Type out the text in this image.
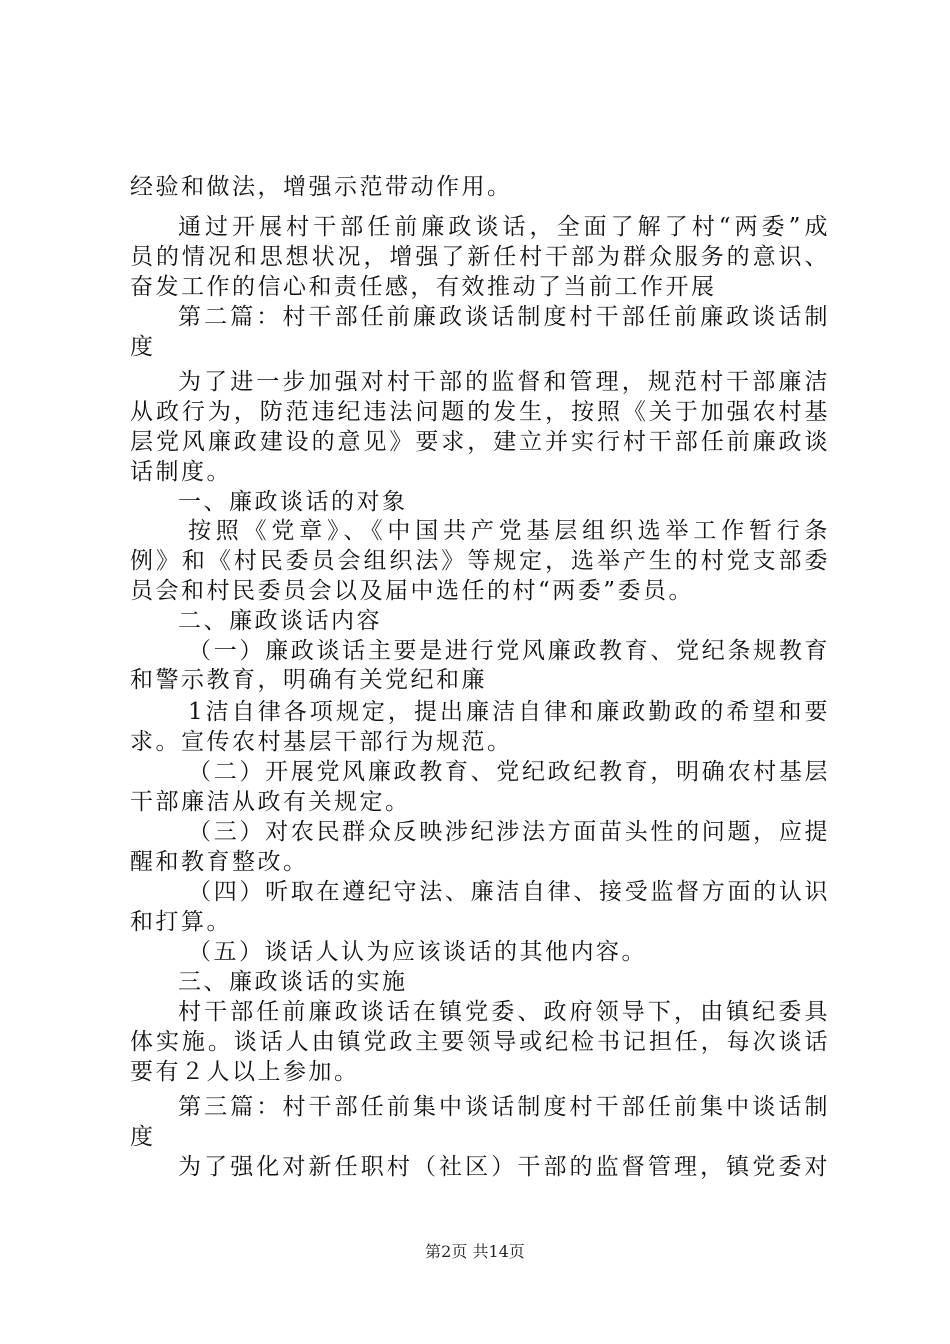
经验和做法，增强示范带动作用。
通过开展村干部任前廉政谈话，全面了解了村“两委”成
员的情况和思想状况，增强了新任村干部为群众服务的意识、
奋发工作的信心和责任感，有效推动了当前工作开展
第二篇：村干部任前廉政谈话制度村干部任前廉政谈话制
度
为了进一步加强对村干部的监督和管理，规范村干部廉洁
从政行为，防范违纪违法问题的发生，按照《关于加强农村基
层党风廉政建设的意见》要求，建立并实行村干部任前廉政谈
话制度。
一、廉政谈话的对象
按照《党章》、《中国共产党基层组织选举工作暂行条
例》和《村民委员会组织法》等规定，选举产生的村党支部委
员会和村民委员会以及届中选任的村“两委”委员。
二、廉政谈话内容
（一）廉政谈话主要是进行党风廉政教育、党纪条规教育
和警示教育，明确有关党纪和廉
1洁自律各项规定，提出廉洁自律和廉政勤政的希望和要
求。宣传农村基层干部行为规范。
（二）开展党风廉政教育、党纪政纪教育，明确农村基层
干部廉洁从政有关规定。
（三）对农民群众反映涉纪涉法方面苗头性的问题，应提
醒和教育整改。
（四）听取在遵纪守法、廉洁自律、接受监督方面的认识
和打算。
（五）谈话人认为应该谈话的其他内容。
三、廉政谈话的实施
村干部任前廉政谈话在镇党委、政府领导下，由镇纪委具
体实施。谈话人由镇党政主要领导或纪检书记担任，每次谈话
要有２人以上参加。
第三篇：村干部任前集中谈话制度村干部任前集中谈话制
度
为了强化对新任职村（社区）干部的监督管理，镇党委对
第2页 共14页
